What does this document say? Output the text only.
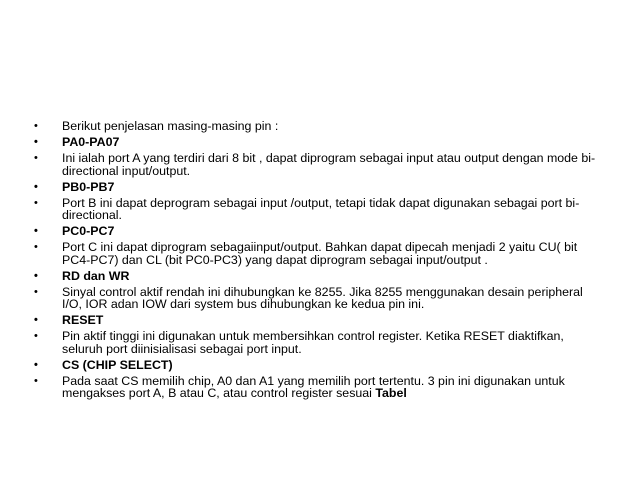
• Berikut penjelasan masing-masing pin :
• PA0-PA07
• Ini ialah port A yang terdiri dari 8 bit , dapat diprogram sebagai input atau output dengan mode bi-directional input/output.
• PB0-PB7
• Port B ini dapat deprogram sebagai input /output, tetapi tidak dapat digunakan sebagai port bi-directional.
• PC0-PC7
• Port C ini dapat diprogram sebagaiinput/output. Bahkan dapat dipecah menjadi 2 yaitu CU( bit PC4-PC7) dan CL (bit PC0-PC3) yang dapat diprogram sebagai input/output .
• RD dan WR
• Sinyal control aktif rendah ini dihubungkan ke 8255. Jika 8255 menggunakan desain peripheral I/O, IOR adan IOW dari system bus dihubungkan ke kedua pin ini.
• RESET
• Pin aktif tinggi ini digunakan untuk membersihkan control register. Ketika RESET diaktifkan, seluruh port diinisialisasi sebagai port input.
• CS (CHIP SELECT)
• Pada saat CS memilih chip, A0 dan A1 yang memilih port tertentu. 3 pin ini digunakan untuk mengakses port A, B atau C, atau control register sesuai Tabel
